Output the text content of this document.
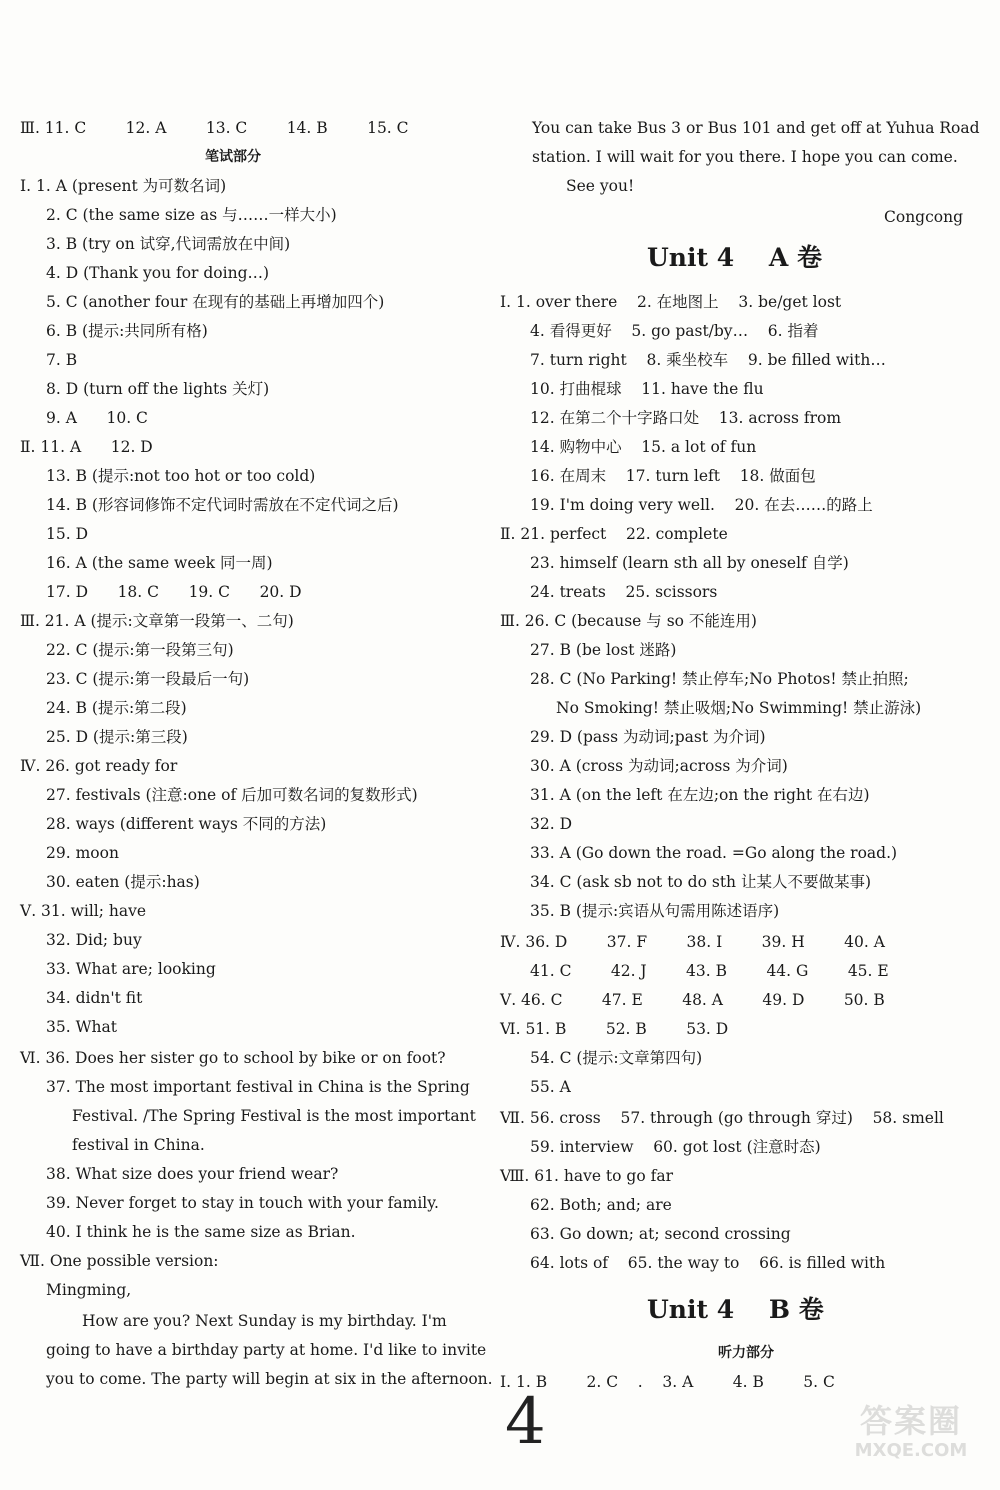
Ⅲ. 11. C        12. A        13. C        14. B        15. C
笔试部分
Ⅰ. 1. A (present 为可数名词)
2. C (the same size as 与……一样大小)
3. B (try on 试穿,代词需放在中间)
4. D (Thank you for doing…)
5. C (another four 在现有的基础上再增加四个)
6. B (提示:共同所有格)
7. B
8. D (turn off the lights 关灯)
9. A      10. C
Ⅱ. 11. A      12. D
13. B (提示:not too hot or too cold)
14. B (形容词修饰不定代词时需放在不定代词之后)
15. D
16. A (the same week 同一周)
17. D      18. C      19. C      20. D
Ⅲ. 21. A (提示:文章第一段第一、二句)
22. C (提示:第一段第三句)
23. C (提示:第一段最后一句)
24. B (提示:第二段)
25. D (提示:第三段)
Ⅳ. 26. got ready for
27. festivals (注意:one of 后加可数名词的复数形式)
28. ways (different ways 不同的方法)
29. moon
30. eaten (提示:has)
Ⅴ. 31. will; have
32. Did; buy
33. What are; looking
34. didn't fit
35. What
Ⅵ. 36. Does her sister go to school by bike or on foot?
37. The most important festival in China is the Spring
Festival. /The Spring Festival is the most important
festival in China.
38. What size does your friend wear?
39. Never forget to stay in touch with your family.
40. I think he is the same size as Brian.
Ⅶ. One possible version:
Mingming,
How are you? Next Sunday is my birthday. I'm
going to have a birthday party at home. I'd like to invite
you to come. The party will begin at six in the afternoon.
You can take Bus 3 or Bus 101 and get off at Yuhua Road
station. I will wait for you there. I hope you can come.
See you!
Congcong
Unit 4    A 卷
Ⅰ. 1. over there    2. 在地图上    3. be/get lost
4. 看得更好    5. go past/by…    6. 指着
7. turn right    8. 乘坐校车    9. be filled with…
10. 打曲棍球    11. have the flu
12. 在第二个十字路口处    13. across from
14. 购物中心    15. a lot of fun
16. 在周末    17. turn left    18. 做面包
19. I'm doing very well.    20. 在去……的路上
Ⅱ. 21. perfect    22. complete
23. himself (learn sth all by oneself 自学)
24. treats    25. scissors
Ⅲ. 26. C (because 与 so 不能连用)
27. B (be lost 迷路)
28. C (No Parking! 禁止停车;No Photos! 禁止拍照;
No Smoking! 禁止吸烟;No Swimming! 禁止游泳)
29. D (pass 为动词;past 为介词)
30. A (cross 为动词;across 为介词)
31. A (on the left 在左边;on the right 在右边)
32. D
33. A (Go down the road. =Go along the road.)
34. C (ask sb not to do sth 让某人不要做某事)
35. B (提示:宾语从句需用陈述语序)
Ⅳ. 36. D        37. F        38. I        39. H        40. A
41. C        42. J        43. B        44. G        45. E
Ⅴ. 46. C        47. E        48. A        49. D        50. B
Ⅵ. 51. B        52. B        53. D
54. C (提示:文章第四句)
55. A
Ⅶ. 56. cross    57. through (go through 穿过)    58. smell
59. interview    60. got lost (注意时态)
Ⅷ. 61. have to go far
62. Both; and; are
63. Go down; at; second crossing
64. lots of    65. the way to    66. is filled with
Unit 4    B 卷
听力部分
Ⅰ. 1. B        2. C    .    3. A        4. B        5. C
4	答案圈
MXQE.COM
